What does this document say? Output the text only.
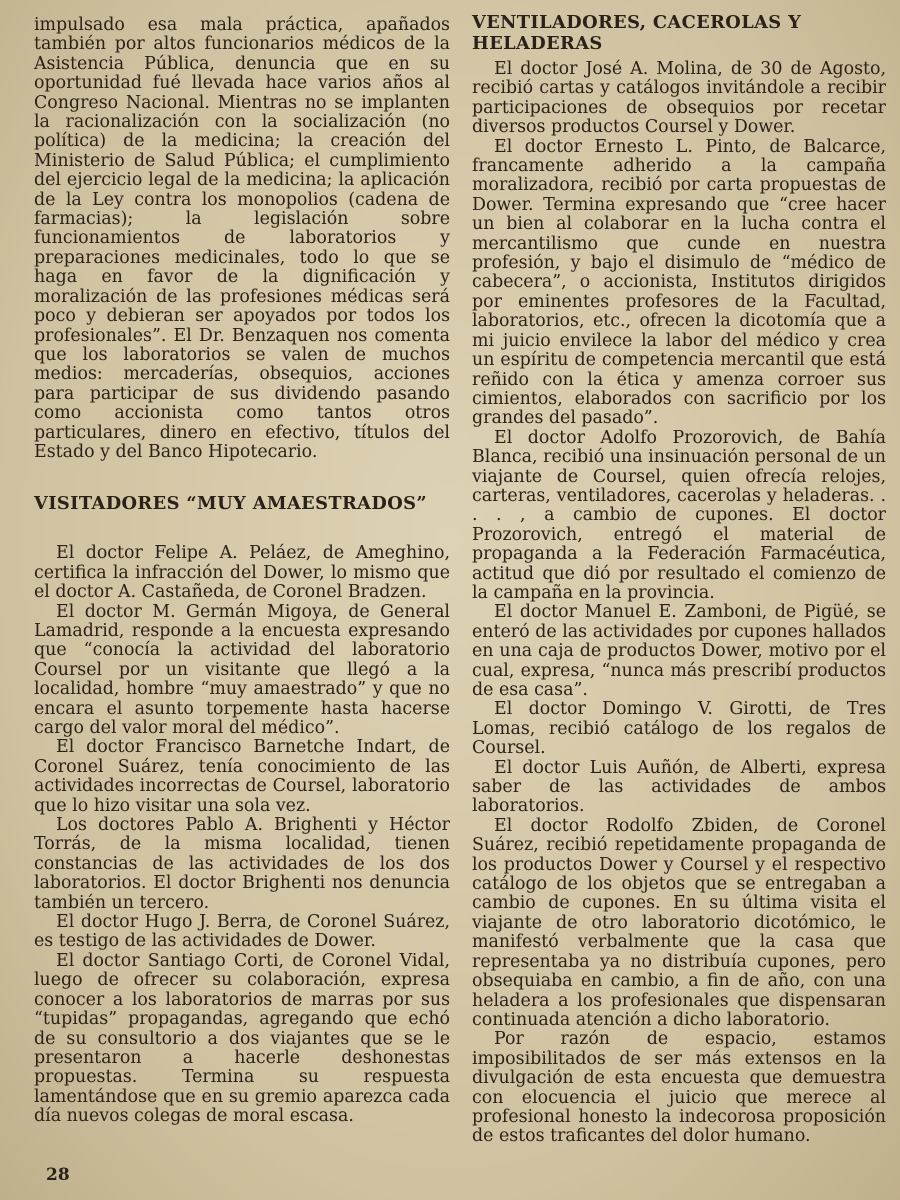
impulsado esa mala práctica, apañados también por altos funcionarios médicos de la Asistencia Pública, denuncia que en su oportunidad fué llevada hace varios años al Congreso Nacional. Mientras no se implanten la racionalización con la socialización (no política) de la medicina; la creación del Ministerio de Salud Pública; el cumplimiento del ejercicio legal de la medicina; la aplicación de la Ley contra los monopolios (cadena de farmacias); la legislación sobre funcionamientos de laboratorios y preparaciones medicinales, todo lo que se haga en favor de la dignificación y moralización de las profesiones médicas será poco y debieran ser apoyados por todos los profesionales”. El Dr. Benzaquen nos comenta que los laboratorios se valen de muchos medios: mercaderías, obsequios, acciones para participar de sus dividendo pasando como accionista como tantos otros particulares, dinero en efectivo, títulos del Estado y del Banco Hipotecario.

VISITADORES “MUY AMAESTRADOS”

El doctor Felipe A. Peláez, de Ameghino, certifica la infracción del Dower, lo mismo que el doctor A. Castañeda, de Coronel Bradzen.

El doctor M. Germán Migoya, de General Lamadrid, responde a la encuesta expresando que “conocía la actividad del laboratorio Coursel por un visitante que llegó a la localidad, hombre “muy amaestrado” y que no encara el asunto torpemente hasta hacerse cargo del valor moral del médico”.

El doctor Francisco Barnetche Indart, de Coronel Suárez, tenía conocimiento de las actividades incorrectas de Coursel, laboratorio que lo hizo visitar una sola vez.

Los doctores Pablo A. Brighenti y Héctor Torrás, de la misma localidad, tienen constancias de las actividades de los dos laboratorios. El doctor Brighenti nos denuncia también un tercero.

El doctor Hugo J. Berra, de Coronel Suárez, es testigo de las actividades de Dower.

El doctor Santiago Corti, de Coronel Vidal, luego de ofrecer su colaboración, expresa conocer a los laboratorios de marras por sus “tupidas” propagandas, agregando que echó de su consultorio a dos viajantes que se le presentaron a hacerle deshonestas propuestas. Termina su respuesta lamentándose que en su gremio aparezca cada día nuevos colegas de moral escasa.

VENTILADORES, CACEROLAS Y HELADERAS

El doctor José A. Molina, de 30 de Agosto, recibió cartas y catálogos invitándole a recibir participaciones de obsequios por recetar diversos productos Coursel y Dower.

El doctor Ernesto L. Pinto, de Balcarce, francamente adherido a la campaña moralizadora, recibió por carta propuestas de Dower. Termina expresando que “cree hacer un bien al colaborar en la lucha contra el mercantilismo que cunde en nuestra profesión, y bajo el disimulo de “médico de cabecera”, o accionista, Institutos dirigidos por eminentes profesores de la Facultad, laboratorios, etc., ofrecen la dicotomía que a mi juicio envilece la labor del médico y crea un espíritu de competencia mercantil que está reñido con la ética y amenza corroer sus cimientos, elaborados con sacrificio por los grandes del pasado”.

El doctor Adolfo Prozorovich, de Bahía Blanca, recibió una insinuación personal de un viajante de Coursel, quien ofrecía relojes, carteras, ventiladores, cacerolas y heladeras. . . . , a cambio de cupones. El doctor Prozorovich, entregó el material de propaganda a la Federación Farmacéutica, actitud que dió por resultado el comienzo de la campaña en la provincia.

El doctor Manuel E. Zamboni, de Pigüé, se enteró de las actividades por cupones hallados en una caja de productos Dower, motivo por el cual, expresa, “nunca más prescribí productos de esa casa”.

El doctor Domingo V. Girotti, de Tres Lomas, recibió catálogo de los regalos de Coursel.

El doctor Luis Auñón, de Alberti, expresa saber de las actividades de ambos laboratorios.

El doctor Rodolfo Zbiden, de Coronel Suárez, recibió repetidamente propaganda de los productos Dower y Coursel y el respectivo catálogo de los objetos que se entregaban a cambio de cupones. En su última visita el viajante de otro laboratorio dicotómico, le manifestó verbalmente que la casa que representaba ya no distribuía cupones, pero obsequiaba en cambio, a fin de año, con una heladera a los profesionales que dispensaran continuada atención a dicho laboratorio.

Por razón de espacio, estamos imposibilitados de ser más extensos en la divulgación de esta encuesta que demuestra con elocuencia el juicio que merece al profesional honesto la indecorosa proposición de estos traficantes del dolor humano.

28
